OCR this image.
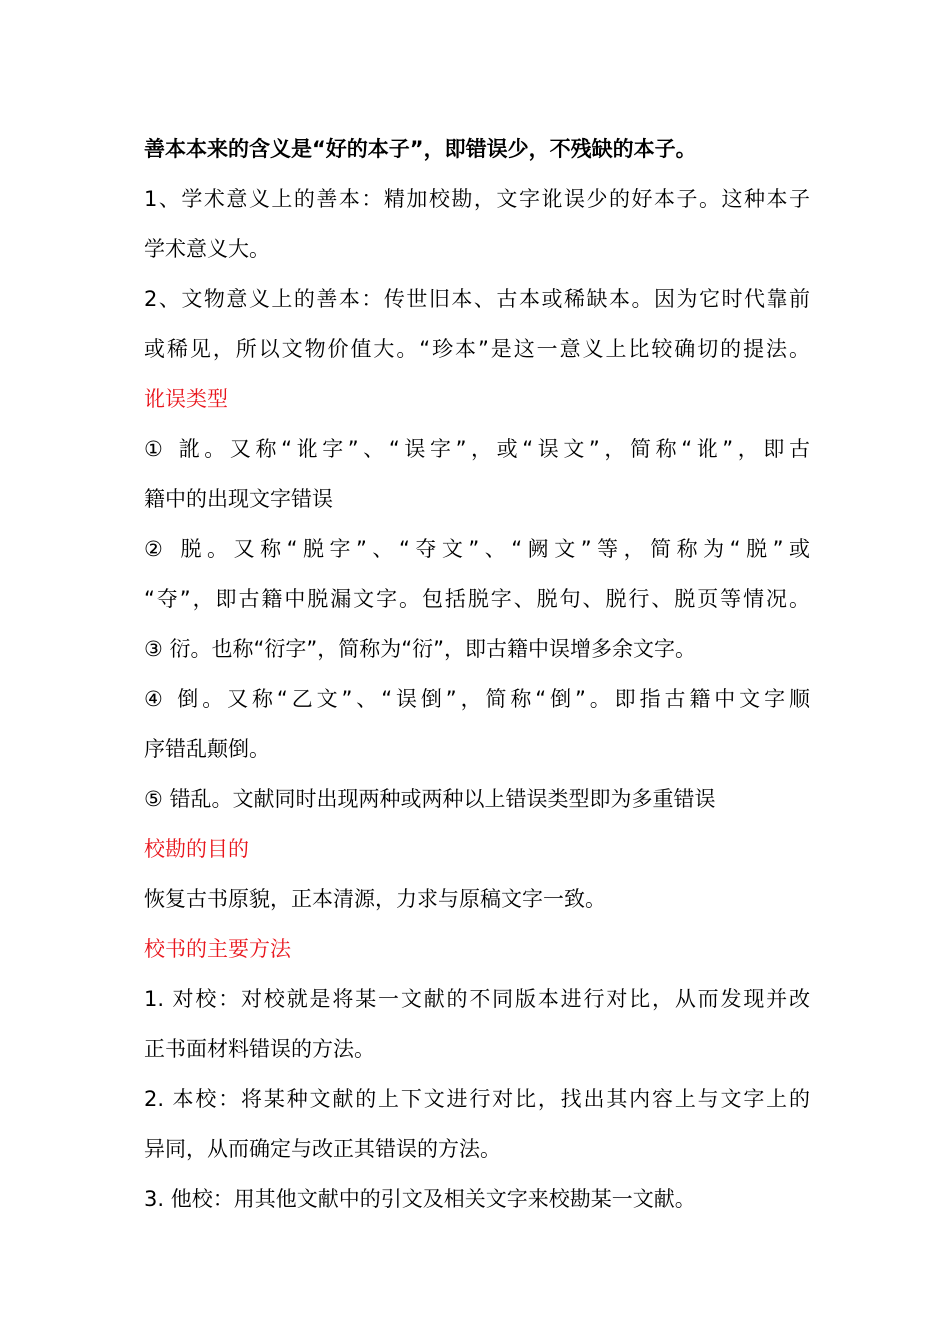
善本本来的含义是“好的本子”，即错误少，不残缺的本子。
1、学术意义上的善本：精加校勘，文字讹误少的好本子。这种本子
学术意义大。
2、文物意义上的善本：传世旧本、古本或稀缺本。因为它时代靠前
或稀见，所以文物价值大。“珍本”是这一意义上比较确切的提法。
讹误类型
① 訛。又称“讹字”、“误字”，或“误文”，简称“讹”，即古
籍中的出现文字错误
② 脱。又称“脱字”、“夺文”、“阙文”等，简称为“脱”或
“夺”，即古籍中脱漏文字。包括脱字、脱句、脱行、脱页等情况。
③ 衍。也称“衍字”，简称为“衍”，即古籍中误增多余文字。
④ 倒。又称“乙文”、“误倒”，简称“倒”。即指古籍中文字顺
序错乱颠倒。
⑤ 错乱。文献同时出现两种或两种以上错误类型即为多重错误
校勘的目的
恢复古书原貌，正本清源，力求与原稿文字一致。
校书的主要方法
1. 对校：对校就是将某一文献的不同版本进行对比，从而发现并改
正书面材料错误的方法。
2. 本校：将某种文献的上下文进行对比，找出其内容上与文字上的
异同，从而确定与改正其错误的方法。
3. 他校：用其他文献中的引文及相关文字来校勘某一文献。
